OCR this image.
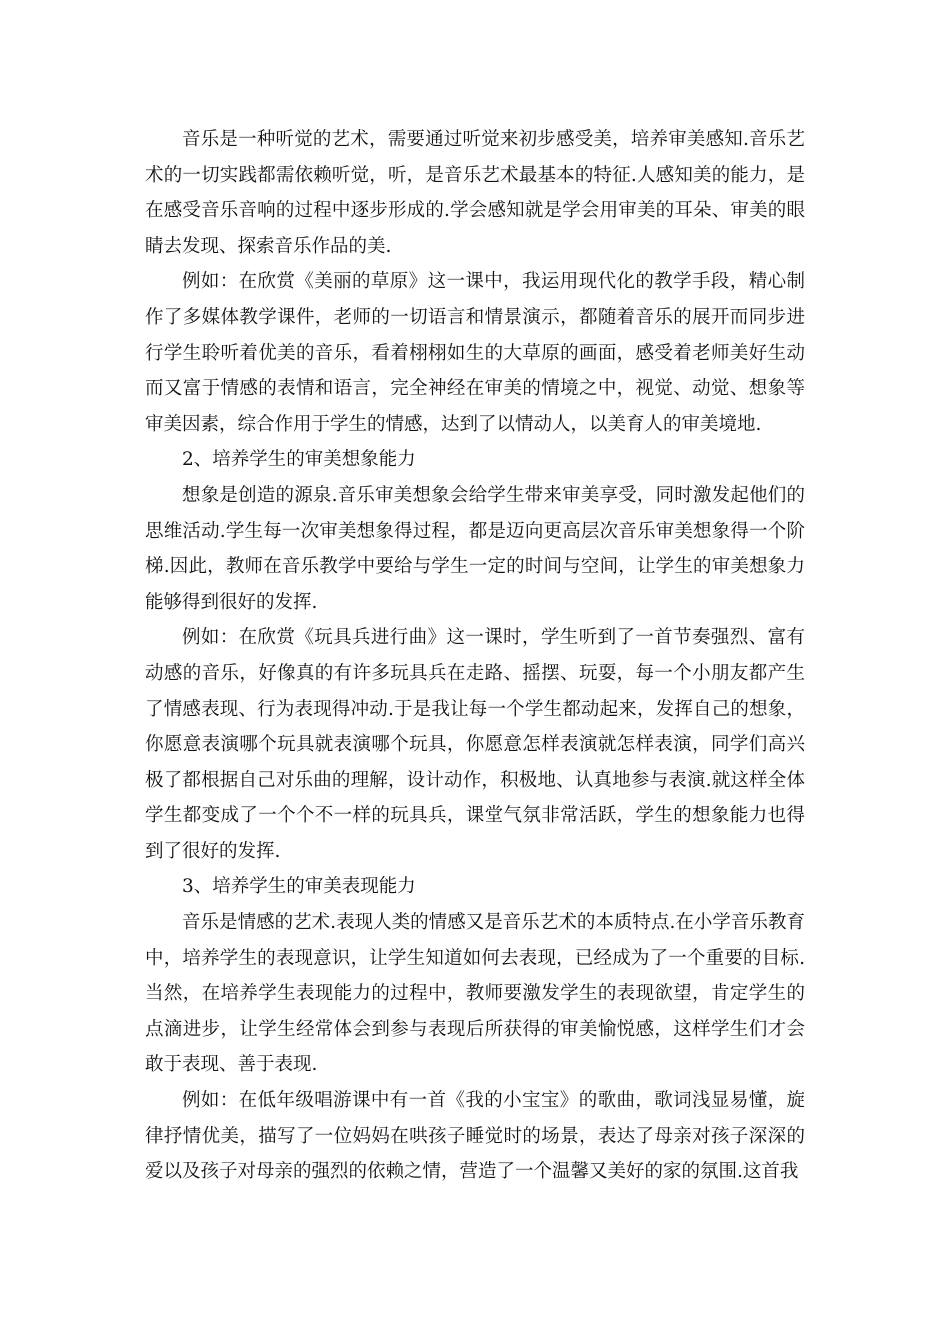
音乐是一种听觉的艺术，需要通过听觉来初步感受美，培养审美感知.音乐艺术的一切实践都需依赖听觉，听，是音乐艺术最基本的特征.人感知美的能力，是在感受音乐音响的过程中逐步形成的.学会感知就是学会用审美的耳朵、审美的眼睛去发现、探索音乐作品的美.

例如：在欣赏《美丽的草原》这一课中，我运用现代化的教学手段，精心制作了多媒体教学课件，老师的一切语言和情景演示，都随着音乐的展开而同步进行学生聆听着优美的音乐，看着栩栩如生的大草原的画面，感受着老师美好生动而又富于情感的表情和语言，完全神经在审美的情境之中，视觉、动觉、想象等审美因素，综合作用于学生的情感，达到了以情动人，以美育人的审美境地.

2、培养学生的审美想象能力

想象是创造的源泉.音乐审美想象会给学生带来审美享受，同时激发起他们的思维活动.学生每一次审美想象得过程，都是迈向更高层次音乐审美想象得一个阶梯.因此，教师在音乐教学中要给与学生一定的时间与空间，让学生的审美想象力能够得到很好的发挥.

例如：在欣赏《玩具兵进行曲》这一课时，学生听到了一首节奏强烈、富有动感的音乐，好像真的有许多玩具兵在走路、摇摆、玩耍，每一个小朋友都产生了情感表现、行为表现得冲动.于是我让每一个学生都动起来，发挥自己的想象，你愿意表演哪个玩具就表演哪个玩具，你愿意怎样表演就怎样表演，同学们高兴极了都根据自己对乐曲的理解，设计动作，积极地、认真地参与表演.就这样全体学生都变成了一个个不一样的玩具兵，课堂气氛非常活跃，学生的想象能力也得到了很好的发挥.

3、培养学生的审美表现能力

音乐是情感的艺术.表现人类的情感又是音乐艺术的本质特点.在小学音乐教育中，培养学生的表现意识，让学生知道如何去表现，已经成为了一个重要的目标.当然，在培养学生表现能力的过程中，教师要激发学生的表现欲望，肯定学生的点滴进步，让学生经常体会到参与表现后所获得的审美愉悦感，这样学生们才会敢于表现、善于表现.

例如：在低年级唱游课中有一首《我的小宝宝》的歌曲，歌词浅显易懂，旋律抒情优美，描写了一位妈妈在哄孩子睡觉时的场景，表达了母亲对孩子深深的爱以及孩子对母亲的强烈的依赖之情，营造了一个温馨又美好的家的氛围.这首我
